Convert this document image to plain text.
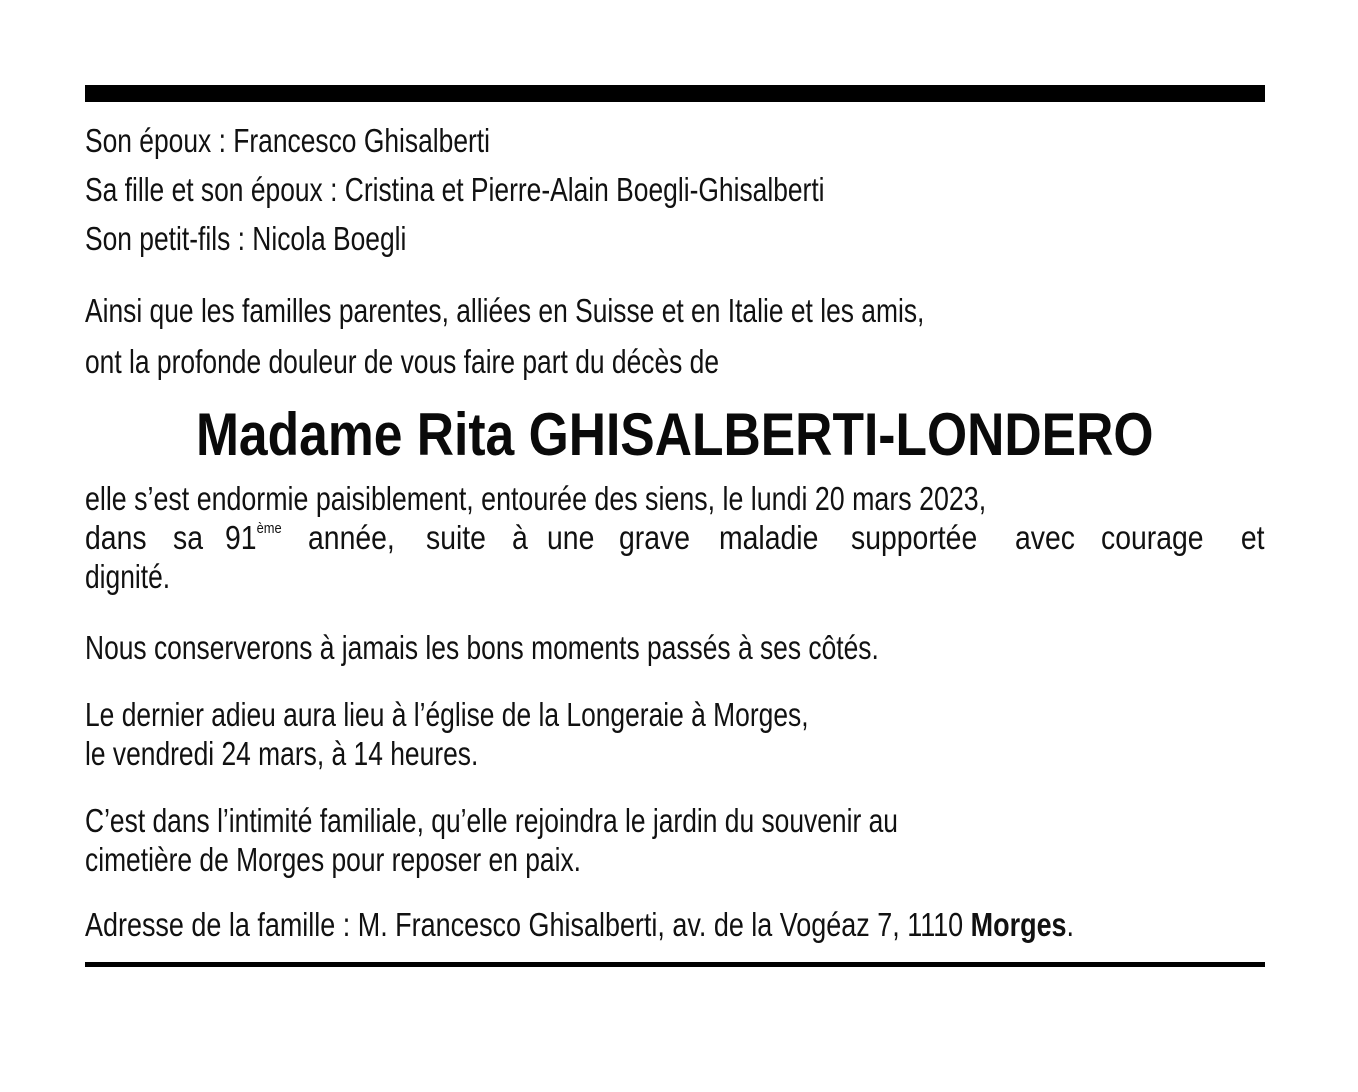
Son époux : Francesco Ghisalberti
Sa fille et son époux : Cristina et Pierre-Alain Boegli-Ghisalberti
Son petit-fils : Nicola Boegli
Ainsi que les familles parentes, alliées en Suisse et en Italie et les amis,
ont la profonde douleur de vous faire part du décès de
Madame Rita GHISALBERTI-LONDERO
elle s’est endormie paisiblement, entourée des siens, le lundi 20 mars 2023,
dans sa 91ème année, suite à une grave maladie supportée avec courage et
dignité.
Nous conserverons à jamais les bons moments passés à ses côtés.
Le dernier adieu aura lieu à l’église de la Longeraie à Morges,
le vendredi 24 mars, à 14 heures.
C’est dans l’intimité familiale, qu’elle rejoindra le jardin du souvenir au
cimetière de Morges pour reposer en paix.
Adresse de la famille : M. Francesco Ghisalberti, av. de la Vogéaz 7, 1110 Morges.
